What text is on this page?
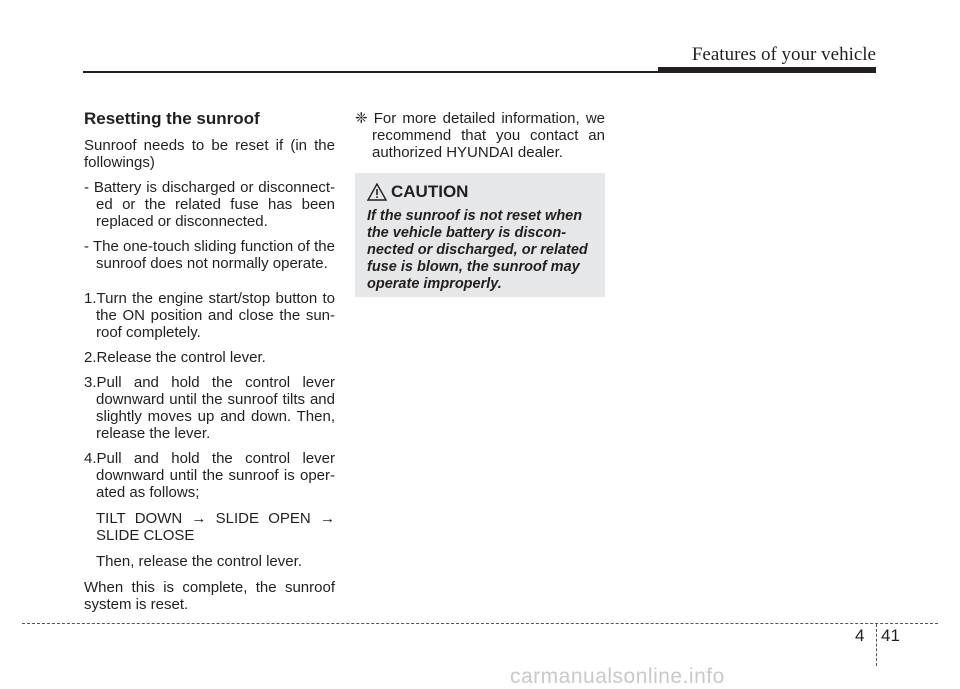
Features of your vehicle
Resetting the sunroof

Sunroof needs to be reset if (in the followings)

- Battery is discharged or disconnect- ed or the related fuse has been replaced or disconnected.

- The one-touch sliding function of the sunroof does not normally operate.

1.Turn the engine start/stop button to the ON position and close the sun- roof completely.

2.Release the control lever.

3.Pull and hold the control lever downward until the sunroof tilts and slightly moves up and down. Then, release the lever.

4.Pull and hold the control lever downward until the sunroof is oper- ated as follows;

TILT DOWN → SLIDE OPEN → SLIDE CLOSE

Then, release the control lever.

When this is complete, the sunroof system is reset.

❈ For more detailed information, we recommend that you contact an authorized HYUNDAI dealer.

CAUTION
If the sunroof is not reset when the vehicle battery is discon- nected or discharged, or related fuse is blown, the sunroof may operate improperly.
4 41
carmanualsonline.info
